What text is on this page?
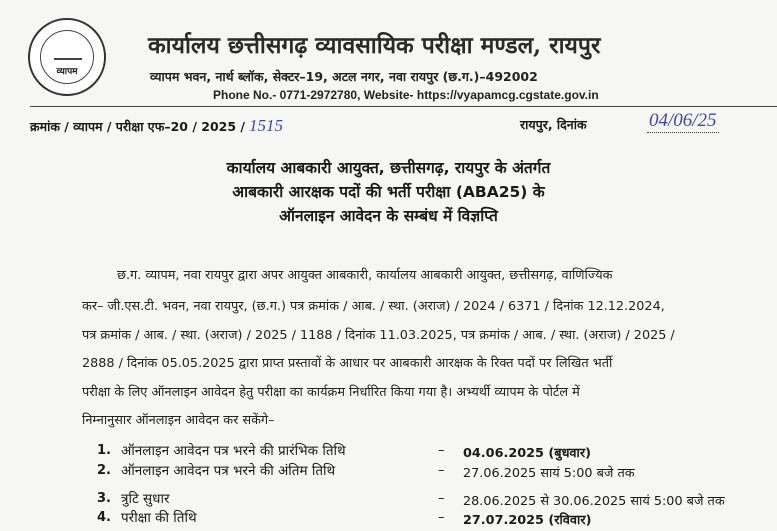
व्यापम
कार्यालय छत्तीसगढ़ व्यावसायिक परीक्षा मण्डल, रायपुर
व्यापम भवन, नार्थ ब्लॉक, सेक्टर–19, अटल नगर, नवा रायपुर (छ.ग.)–492002
Phone No.- 0771-2972780, Website- https://vyapamcg.cgstate.gov.in
क्रमांक / व्यापम / परीक्षा एफ–20 / 2025 / 1515	रायपुर, दिनांक	04/06/25
कार्यालय आबकारी आयुक्त, छत्तीसगढ़, रायपुर के अंतर्गत
आबकारी आरक्षक पदों की भर्ती परीक्षा (ABA25) के
ऑनलाइन आवेदन के सम्बंध में विज्ञप्ति
छ.ग. व्यापम, नवा रायपुर द्वारा अपर आयुक्त आबकारी, कार्यालय आबकारी आयुक्त, छत्तीसगढ़, वाणिज्यिक
कर– जी.एस.टी. भवन, नवा रायपुर, (छ.ग.) पत्र क्रमांक / आब. / स्था. (अराज) / 2024 / 6371 / दिनांक 12.12.2024,
पत्र क्रमांक / आब. / स्था. (अराज) / 2025 / 1188 / दिनांक 11.03.2025, पत्र क्रमांक / आब. / स्था. (अराज) / 2025 /
2888 / दिनांक 05.05.2025 द्वारा प्राप्त प्रस्तावों के आधार पर आबकारी आरक्षक के रिक्त पदों पर लिखित भर्ती
परीक्षा के लिए ऑनलाइन आवेदन हेतु परीक्षा का कार्यक्रम निर्धारित किया गया है। अभ्यर्थी व्यापम के पोर्टल में
निम्नानुसार ऑनलाइन आवेदन कर सकेंगे–
1. ऑनलाइन आवेदन पत्र भरने की प्रारंभिक तिथि	– 04.06.2025 (बुधवार)
2. ऑनलाइन आवेदन पत्र भरने की अंतिम तिथि	– 27.06.2025 सायं 5:00 बजे तक
3. त्रुटि सुधार	– 28.06.2025 से 30.06.2025 सायं 5:00 बजे तक
4. परीक्षा की तिथि	– 27.07.2025 (रविवार)
